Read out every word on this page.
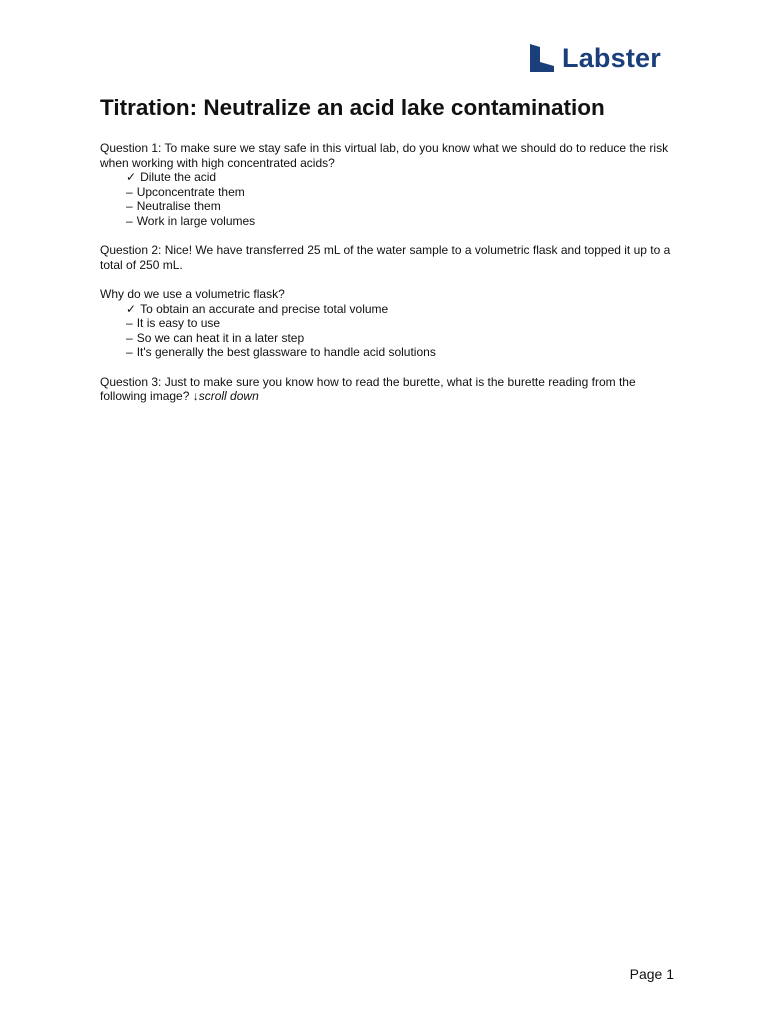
Labster
Titration: Neutralize an acid lake contamination

Question 1: To make sure we stay safe in this virtual lab, do you know what we should do to reduce the risk when working with high concentrated acids?

✓ Dilute the acid
– Upconcentrate them
– Neutralise them
– Work in large volumes

Question 2: Nice! We have transferred 25 mL of the water sample to a volumetric flask and topped it up to a total of 250 mL.

Why do we use a volumetric flask?

✓ To obtain an accurate and precise total volume
– It is easy to use
– So we can heat it in a later step
– It's generally the best glassware to handle acid solutions

Question 3: Just to make sure you know how to read the burette, what is the burette reading from the following image? ↓scroll down

Page 1
